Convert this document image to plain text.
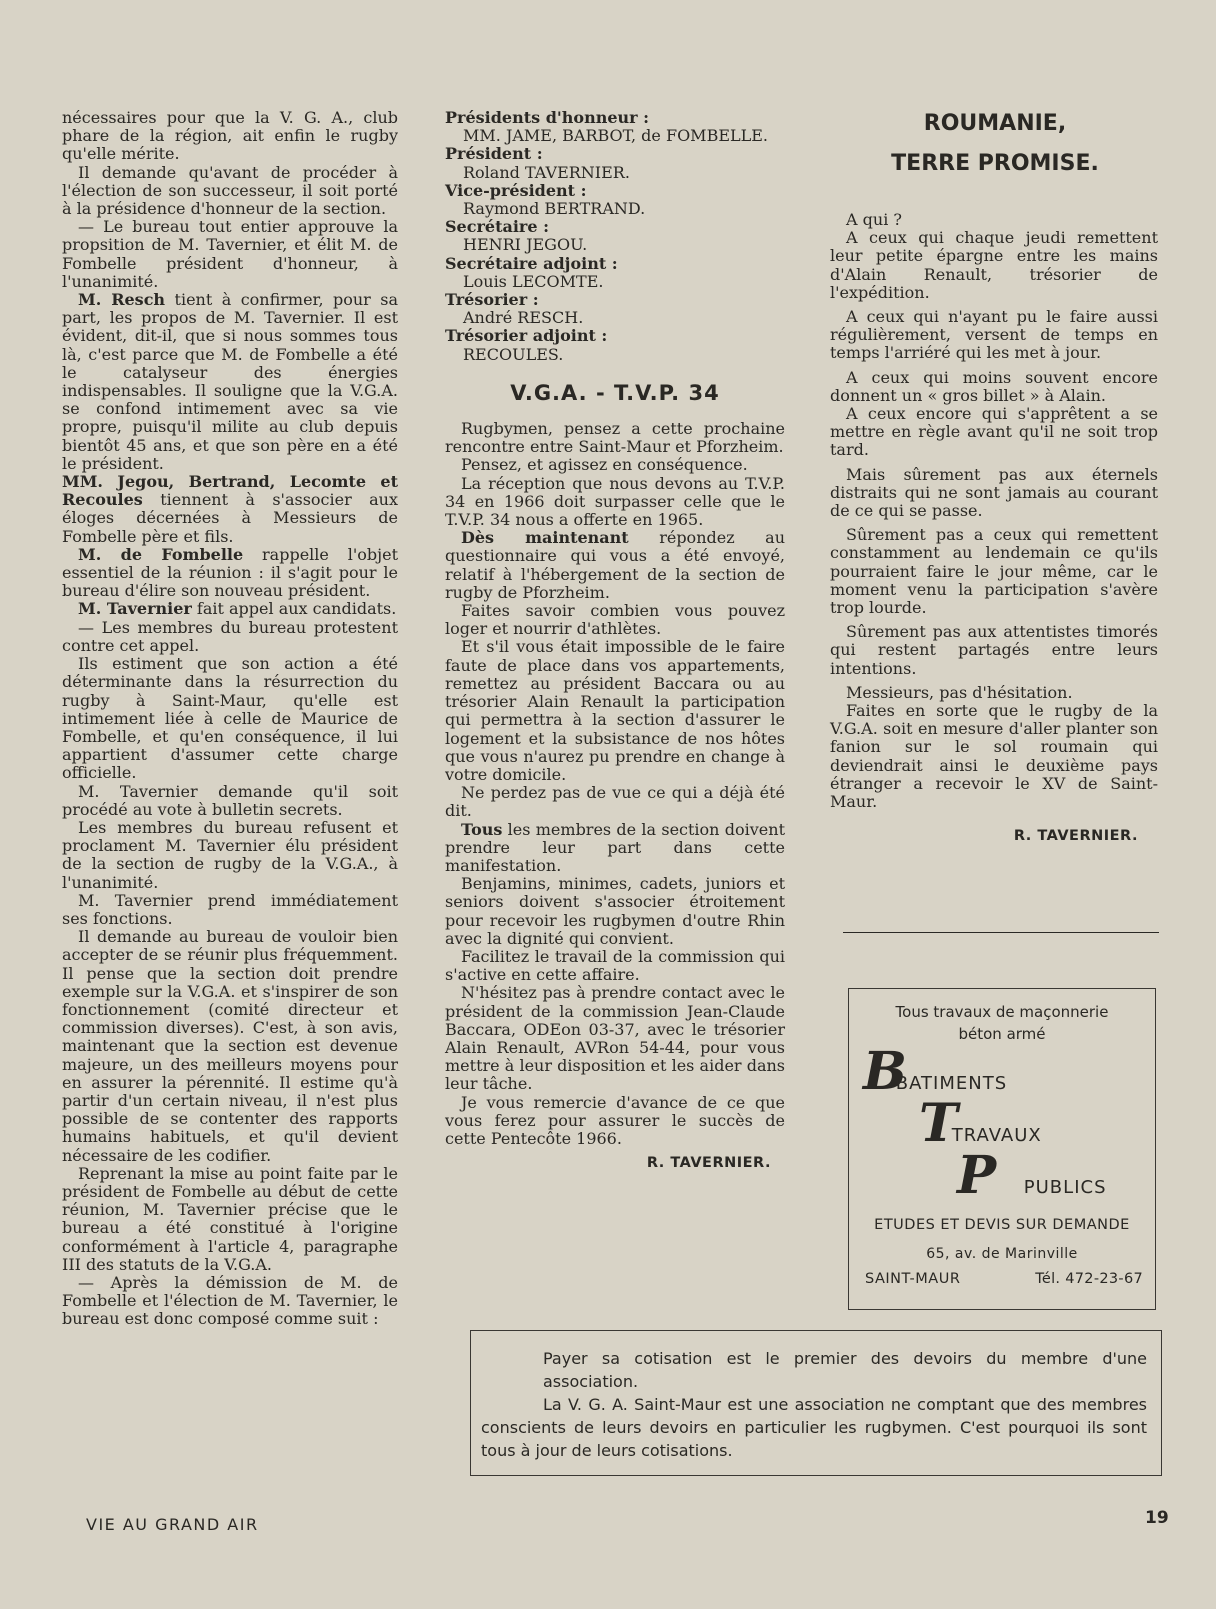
nécessaires pour que la V. G. A., club phare de la région, ait enfin le rugby qu'elle mérite.

Il demande qu'avant de procéder à l'élection de son successeur, il soit porté à la présidence d'honneur de la section.

— Le bureau tout entier approuve la propsition de M. Tavernier, et élit M. de Fombelle président d'honneur, à l'unanimité.

M. Resch tient à confirmer, pour sa part, les propos de M. Tavernier. Il est évident, dit-il, que si nous sommes tous là, c'est parce que M. de Fombelle a été le catalyseur des énergies indispensables. Il souligne que la V.G.A. se confond intimement avec sa vie propre, puisqu'il milite au club depuis bientôt 45 ans, et que son père en a été le président.

MM. Jegou, Bertrand, Lecomte et Recoules tiennent à s'associer aux éloges décernées à Messieurs de Fombelle père et fils.

M. de Fombelle rappelle l'objet essentiel de la réunion : il s'agit pour le bureau d'élire son nouveau président.

M. Tavernier fait appel aux candidats.

— Les membres du bureau protestent contre cet appel.

Ils estiment que son action a été déterminante dans la résurrection du rugby à Saint-Maur, qu'elle est intimement liée à celle de Maurice de Fombelle, et qu'en conséquence, il lui appartient d'assumer cette charge officielle.

M. Tavernier demande qu'il soit procédé au vote à bulletin secrets.

Les membres du bureau refusent et proclament M. Tavernier élu président de la section de rugby de la V.G.A., à l'unanimité.

M. Tavernier prend immédiatement ses fonctions.

Il demande au bureau de vouloir bien accepter de se réunir plus fréquemment. Il pense que la section doit prendre exemple sur la V.G.A. et s'inspirer de son fonctionnement (comité directeur et commission diverses). C'est, à son avis, maintenant que la section est devenue majeure, un des meilleurs moyens pour en assurer la pérennité. Il estime qu'à partir d'un certain niveau, il n'est plus possible de se contenter des rapports humains habituels, et qu'il devient nécessaire de les codifier.

Reprenant la mise au point faite par le président de Fombelle au début de cette réunion, M. Tavernier précise que le bureau a été constitué à l'origine conformément à l'article 4, paragraphe III des statuts de la V.G.A.

— Après la démission de M. de Fombelle et l'élection de M. Tavernier, le bureau est donc composé comme suit :

Présidents d'honneur :

MM. JAME, BARBOT, de FOMBELLE.

Président :

Roland TAVERNIER.

Vice-président :

Raymond BERTRAND.

Secrétaire :

HENRI JEGOU.

Secrétaire adjoint :

Louis LECOMTE.

Trésorier :

André RESCH.

Trésorier adjoint :

RECOULES.

V.G.A. - T.V.P. 34

Rugbymen, pensez a cette prochaine rencontre entre Saint-Maur et Pforzheim.

Pensez, et agissez en conséquence.

La réception que nous devons au T.V.P. 34 en 1966 doit surpasser celle que le T.V.P. 34 nous a offerte en 1965.

Dès maintenant répondez au questionnaire qui vous a été envoyé, relatif à l'hébergement de la section de rugby de Pforzheim.

Faites savoir combien vous pouvez loger et nourrir d'athlètes.

Et s'il vous était impossible de le faire faute de place dans vos appartements, remettez au président Baccara ou au trésorier Alain Renault la participation qui permettra à la section d'assurer le logement et la subsistance de nos hôtes que vous n'aurez pu prendre en change à votre domicile.

Ne perdez pas de vue ce qui a déjà été dit.

Tous les membres de la section doivent prendre leur part dans cette manifestation.

Benjamins, minimes, cadets, juniors et seniors doivent s'associer étroitement pour recevoir les rugbymen d'outre Rhin avec la dignité qui convient.

Facilitez le travail de la commission qui s'active en cette affaire.

N'hésitez pas à prendre contact avec le président de la commission Jean-Claude Baccara, ODEon 03-37, avec le trésorier Alain Renault, AVRon 54-44, pour vous mettre à leur disposition et les aider dans leur tâche.

Je vous remercie d'avance de ce que vous ferez pour assurer le succès de cette Pentecôte 1966.

R. TAVERNIER.
ROUMANIE,
TERRE PROMISE.

A qui ?

A ceux qui chaque jeudi remettent leur petite épargne entre les mains d'Alain Renault, trésorier de l'expédition.

A ceux qui n'ayant pu le faire aussi régulièrement, versent de temps en temps l'arriéré qui les met à jour.

A ceux qui moins souvent encore donnent un « gros billet » à Alain.

A ceux encore qui s'apprêtent a se mettre en règle avant qu'il ne soit trop tard.

Mais sûrement pas aux éternels distraits qui ne sont jamais au courant de ce qui se passe.

Sûrement pas a ceux qui remettent constamment au lendemain ce qu'ils pourraient faire le jour même, car le moment venu la participation s'avère trop lourde.

Sûrement pas aux attentistes timorés qui restent partagés entre leurs intentions.

Messieurs, pas d'hésitation.

Faites en sorte que le rugby de la V.G.A. soit en mesure d'aller planter son fanion sur le sol roumain qui deviendrait ainsi le deuxième pays étranger a recevoir le XV de Saint-Maur.

R. TAVERNIER.
Tous travaux de maçonnerie
béton armé
B BATIMENTS
T TRAVAUX
P PUBLICS
ETUDES ET DEVIS SUR DEMANDE
65, av. de Marinville
SAINT-MAUR	Tél. 472-23-67

Payer sa cotisation est le premier des devoirs du membre d'une association.

La V. G. A. Saint-Maur est une association ne comptant que des membres conscients de leurs devoirs en particulier les rugbymen. C'est pourquoi ils sont tous à jour de leurs cotisations.

VIE AU GRAND AIR	19
